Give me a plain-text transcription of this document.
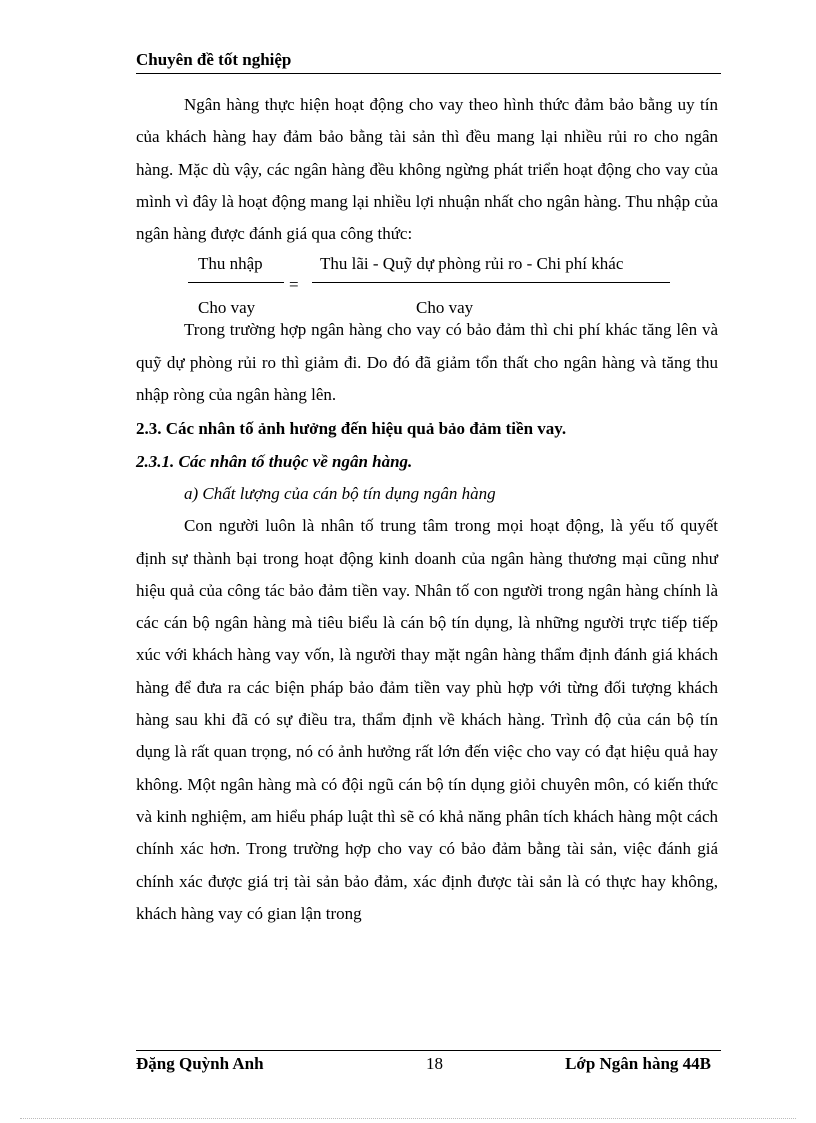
Chuyên đề tốt nghiệp

Ngân hàng thực hiện hoạt động cho vay theo hình thức đảm bảo bằng uy tín của khách hàng hay đảm bảo bằng tài sản thì đều mang lại nhiều rủi ro cho ngân hàng. Mặc dù vậy, các ngân hàng đều không ngừng phát triển hoạt động cho vay của mình vì đây là hoạt động mang lại nhiều lợi nhuận nhất cho ngân hàng. Thu nhập của ngân hàng được đánh giá qua công thức:

Thu nhập
Cho vay
=
Thu lãi - Quỹ dự phòng rủi ro - Chi phí khác
Cho vay

Trong trường hợp ngân hàng cho vay có bảo đảm thì chi phí khác tăng lên và quỹ dự phòng rủi ro thì giảm đi. Do đó đã giảm tổn thất cho ngân hàng và tăng thu nhập ròng của ngân hàng lên.

2.3. Các nhân tố ảnh hưởng đến hiệu quả bảo đảm tiền vay.

2.3.1. Các nhân tố thuộc về ngân hàng.

a) Chất lượng của cán bộ tín dụng ngân hàng

Con người luôn là nhân tố trung tâm trong mọi hoạt động, là yếu tố quyết định sự thành bại trong hoạt động kinh doanh của ngân hàng thương mại cũng như hiệu quả của công tác bảo đảm tiền vay. Nhân tố con người trong ngân hàng chính là các cán bộ ngân hàng mà tiêu biểu là cán bộ tín dụng, là những người trực tiếp tiếp xúc với khách hàng vay vốn, là người thay mặt ngân hàng thẩm định đánh giá khách hàng để đưa ra các biện pháp bảo đảm tiền vay phù hợp với từng đối tượng khách hàng sau khi đã có sự điều tra, thẩm định về khách hàng. Trình độ của cán bộ tín dụng là rất quan trọng, nó có ảnh hưởng rất lớn đến việc cho vay có đạt hiệu quả hay không. Một ngân hàng mà có đội ngũ cán bộ tín dụng giỏi chuyên môn, có kiến thức và kinh nghiệm, am hiểu pháp luật thì sẽ có khả năng phân tích khách hàng một cách chính xác hơn. Trong trường hợp cho vay có bảo đảm bằng tài sản, việc đánh giá chính xác được giá trị tài sản bảo đảm, xác định được tài sản là có thực hay không, khách hàng vay có gian lận trong

Đặng Quỳnh Anh	18	Lớp Ngân hàng 44B
